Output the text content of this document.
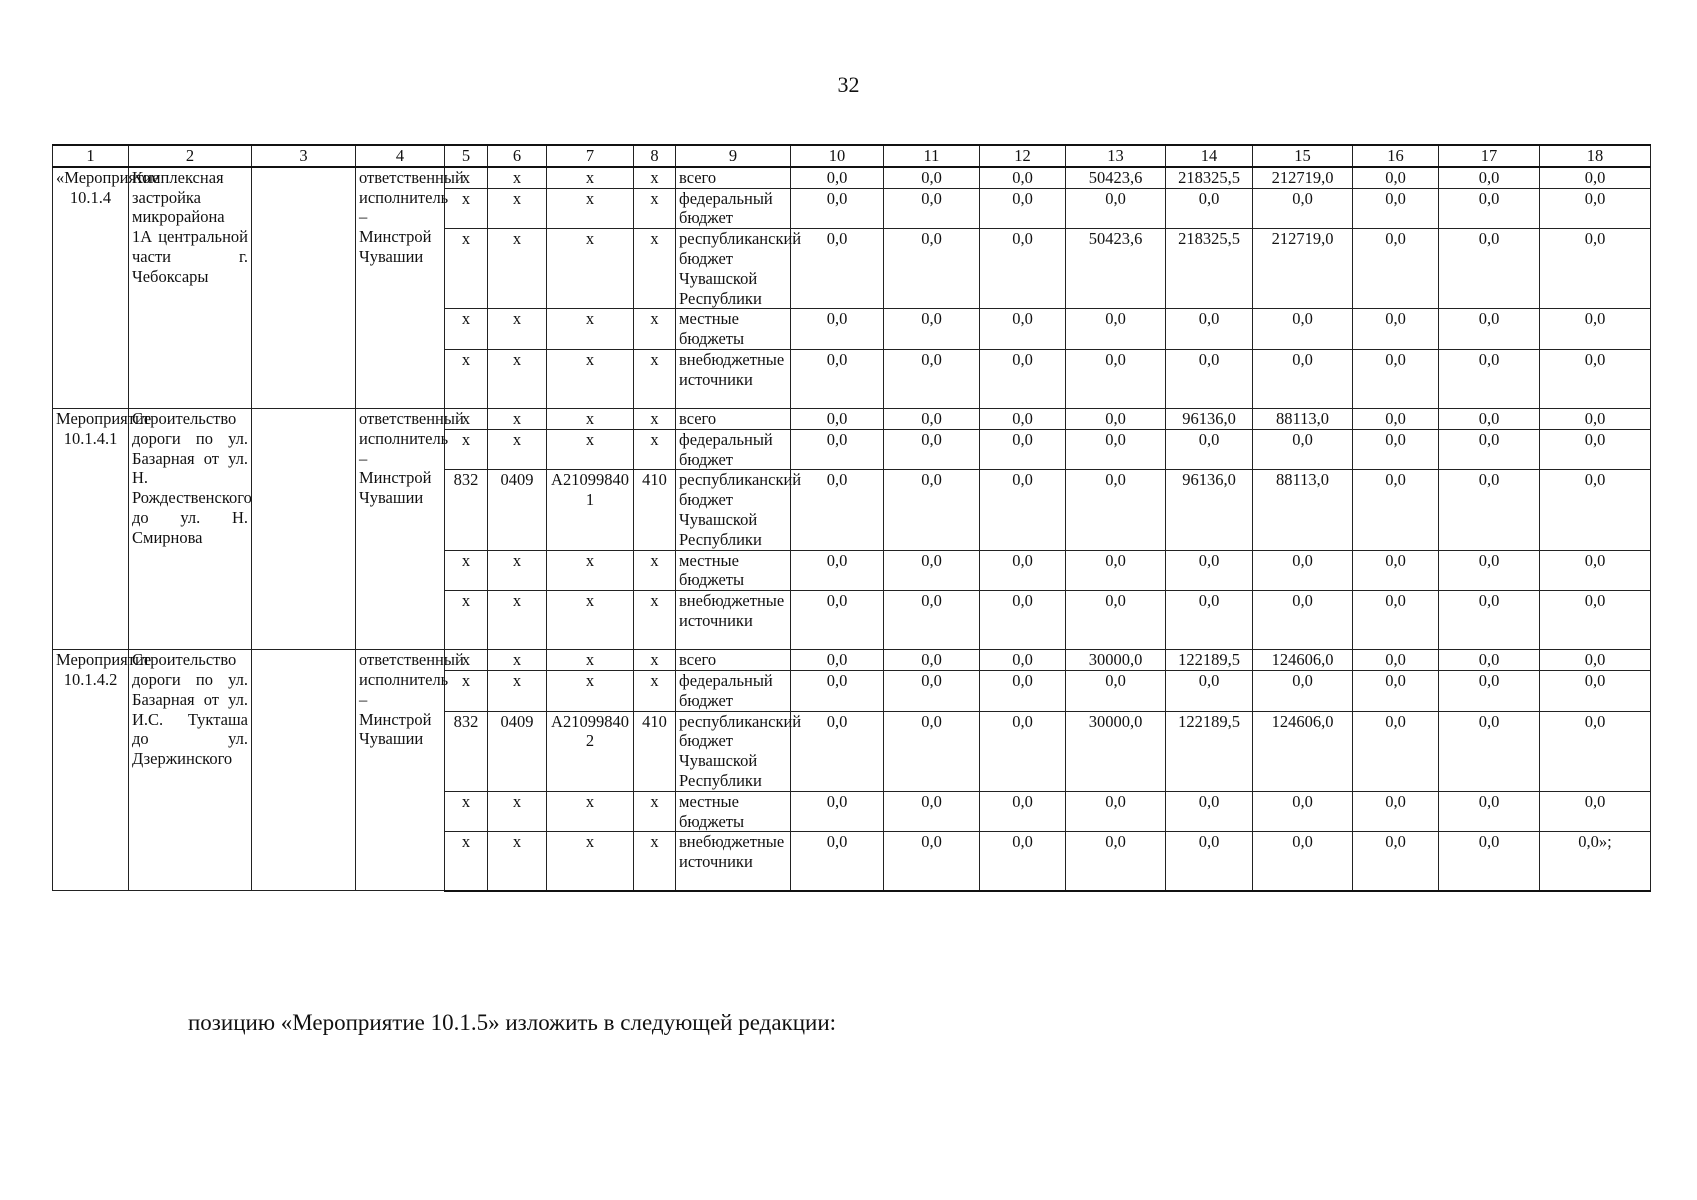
32
1	2	3	4	5	6	7	8	9	10	11	12	13	14	15	16	17	18
«Мероприятие 10.1.4	Комплексная застройка микрорайона 1А центральной части г. Чебоксары		ответственный исполнитель – Минстрой Чувашии	x	x	x	x	всего	0,0	0,0	0,0	50423,6	218325,5	212719,0	0,0	0,0	0,0
				x	x	x	x	федеральный бюджет	0,0	0,0	0,0	0,0	0,0	0,0	0,0	0,0	0,0
				x	x	x	x	республиканский бюджет Чувашской Республики	0,0	0,0	0,0	50423,6	218325,5	212719,0	0,0	0,0	0,0
				x	x	x	x	местные бюджеты	0,0	0,0	0,0	0,0	0,0	0,0	0,0	0,0	0,0
				x	x	x	x	внебюджетные источники	0,0	0,0	0,0	0,0	0,0	0,0	0,0	0,0	0,0
Мероприятие 10.1.4.1	Строительство дороги по ул. Базарная от ул. Н. Рождественского до ул. Н. Смирнова		ответственный исполнитель – Минстрой Чувашии	x	x	x	x	всего	0,0	0,0	0,0	0,0	96136,0	88113,0	0,0	0,0	0,0
				x	x	x	x	федеральный бюджет	0,0	0,0	0,0	0,0	0,0	0,0	0,0	0,0	0,0
				832	0409	A210998401	410	республиканский бюджет Чувашской Республики	0,0	0,0	0,0	0,0	96136,0	88113,0	0,0	0,0	0,0
				x	x	x	x	местные бюджеты	0,0	0,0	0,0	0,0	0,0	0,0	0,0	0,0	0,0
				x	x	x	x	внебюджетные источники	0,0	0,0	0,0	0,0	0,0	0,0	0,0	0,0	0,0
Мероприятие 10.1.4.2	Строительство дороги по ул. Базарная от ул. И.С. Тукташа до ул. Дзержинского		ответственный исполнитель – Минстрой Чувашии	x	x	x	x	всего	0,0	0,0	0,0	30000,0	122189,5	124606,0	0,0	0,0	0,0
				x	x	x	x	федеральный бюджет	0,0	0,0	0,0	0,0	0,0	0,0	0,0	0,0	0,0
				832	0409	A210998402	410	республиканский бюджет Чувашской Республики	0,0	0,0	0,0	30000,0	122189,5	124606,0	0,0	0,0	0,0
				x	x	x	x	местные бюджеты	0,0	0,0	0,0	0,0	0,0	0,0	0,0	0,0	0,0
				x	x	x	x	внебюджетные источники	0,0	0,0	0,0	0,0	0,0	0,0	0,0	0,0	0,0»;
позицию «Мероприятие 10.1.5» изложить в следующей редакции:
